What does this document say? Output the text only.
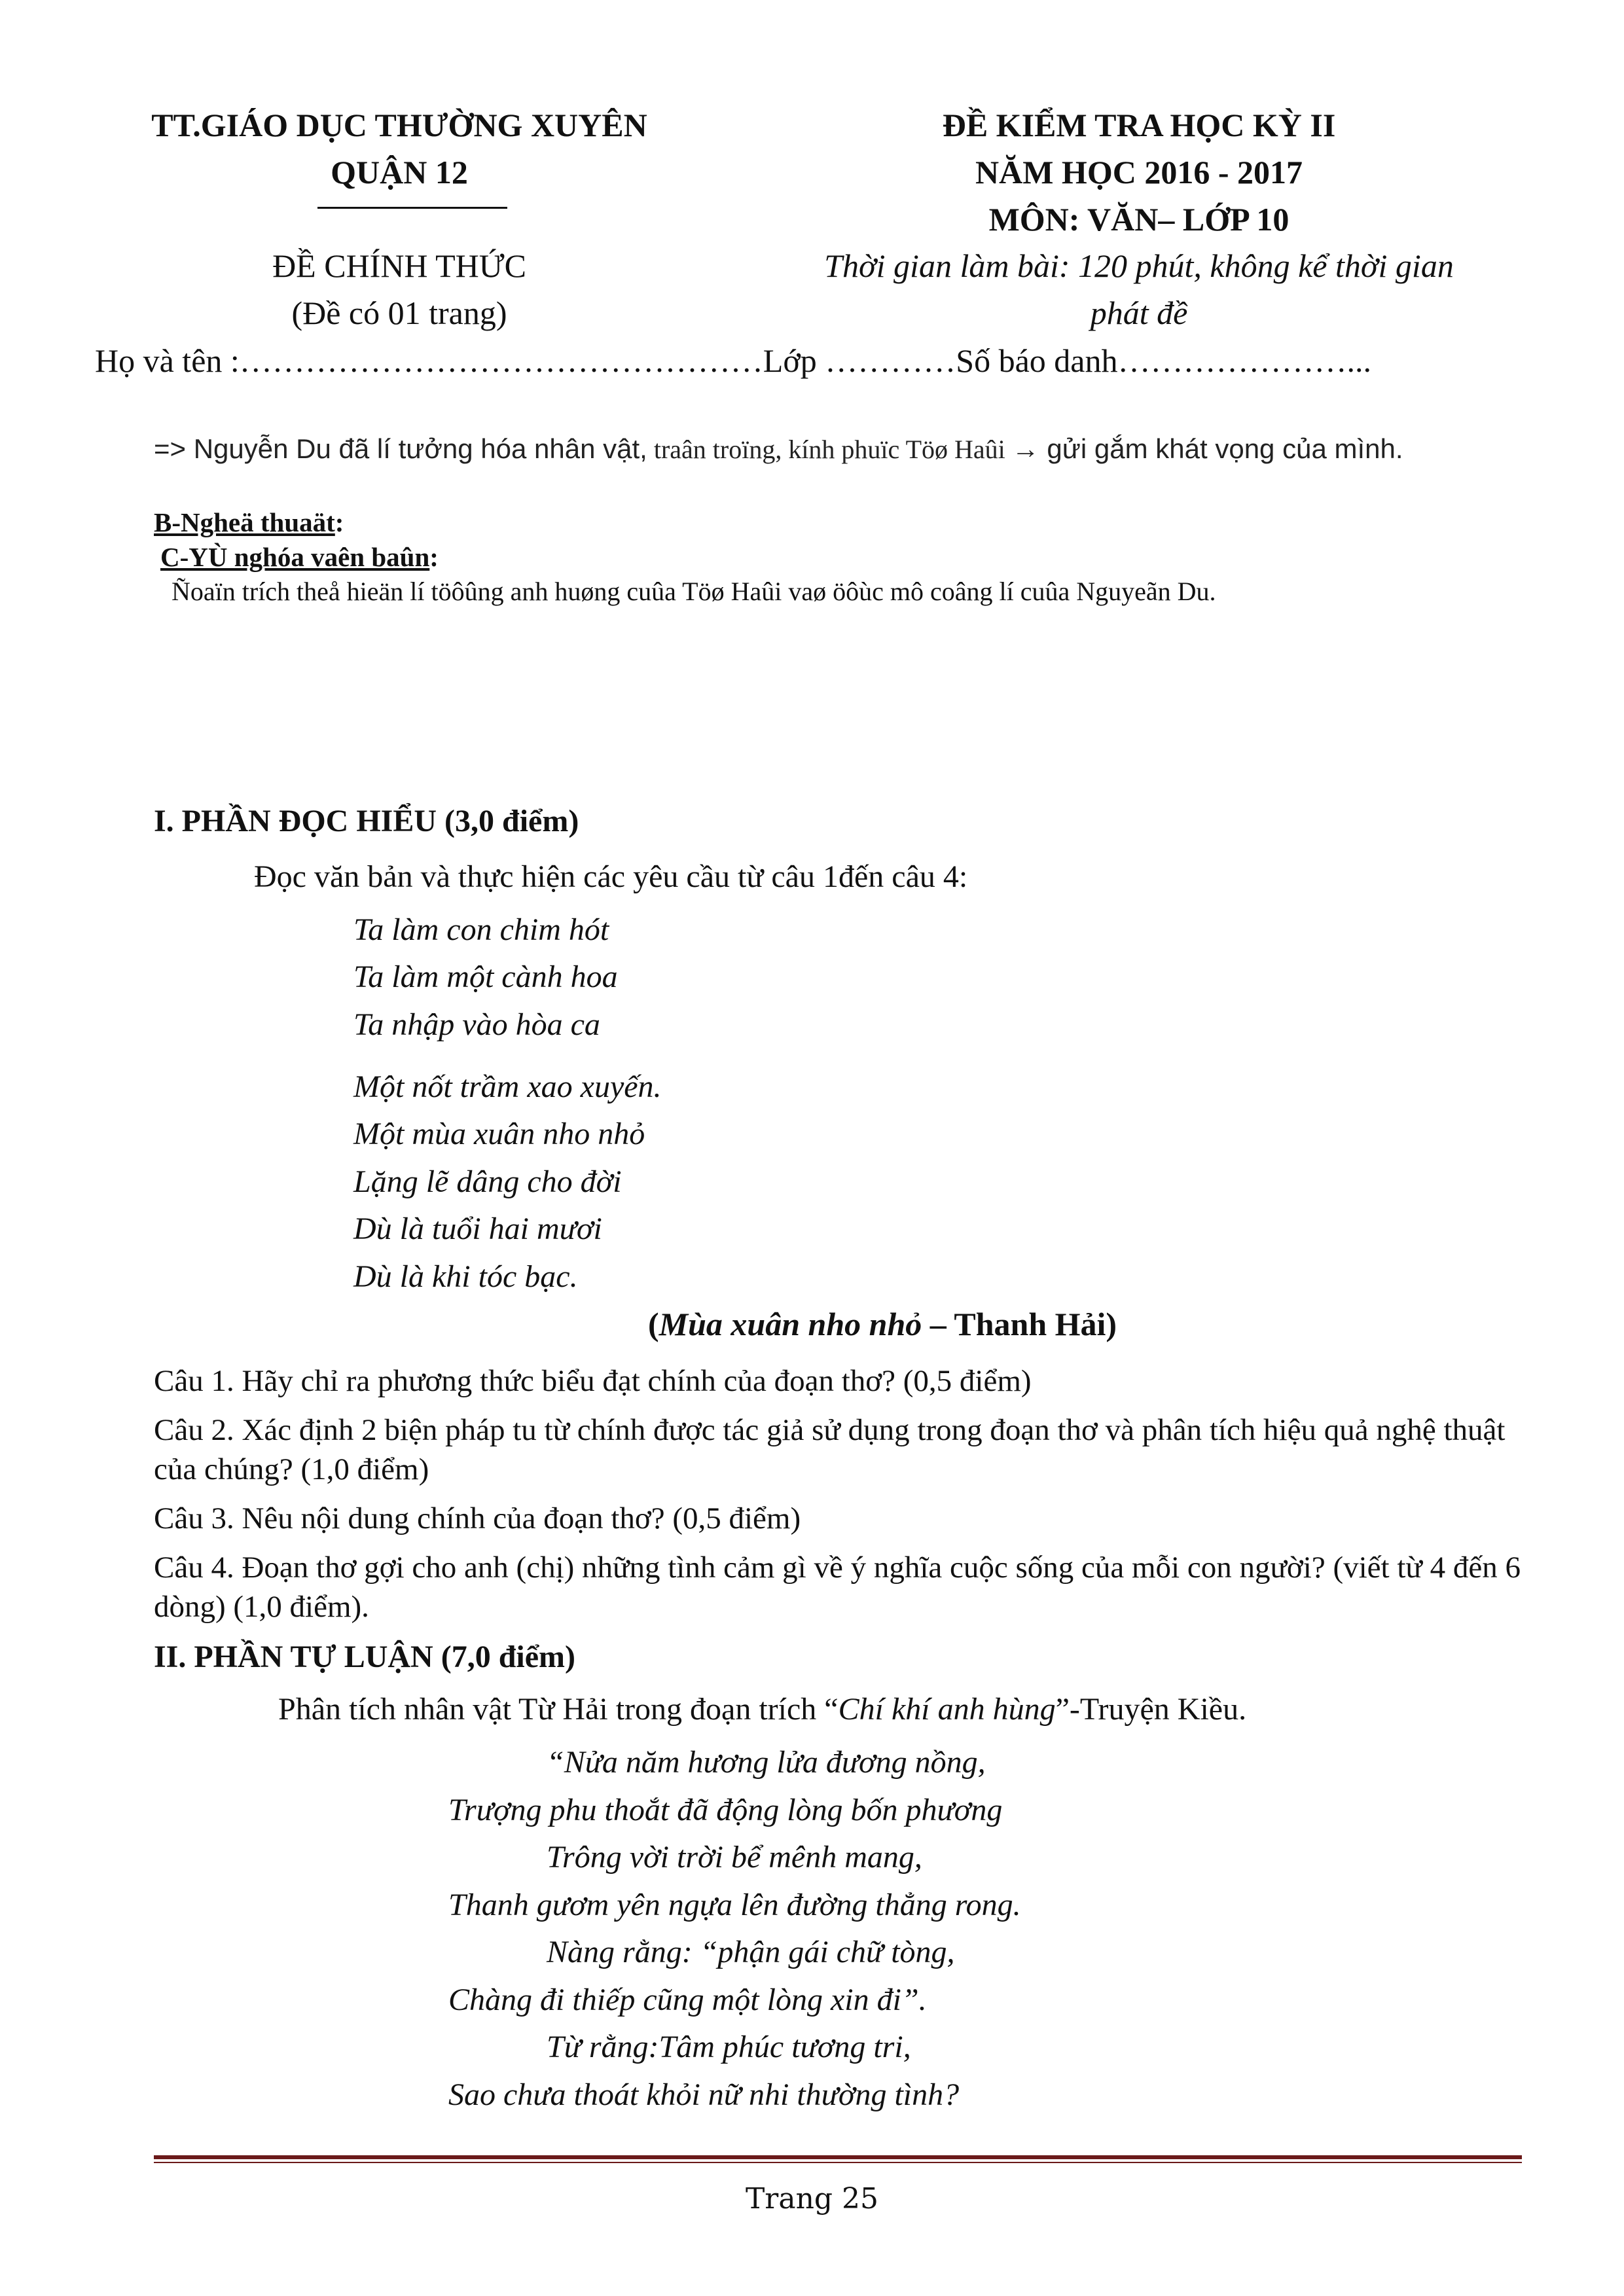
TT.GIÁO DỤC THƯỜNG XUYÊN
QUẬN 12
ĐỀ CHÍNH THỨC
(Đề có 01 trang)
ĐỀ KIỂM TRA HỌC KỲ II
NĂM HỌC 2016 - 2017
MÔN: VĂN– LỚP 10
Thời gian làm bài: 120 phút, không kể thời gian
phát đề
Họ và tên :…………………………………………Lớp …………Số báo danh…………………...
=> Nguyễn Du đã lí tưởng hóa nhân vật, traân troïng, kính phuïc Töø Haûi → gửi gắm khát vọng của mình.
B-Ngheä thuaät:
C-YÙ nghóa vaên baûn:
Ñoaïn trích theå hieän lí töôûng anh huøng cuûa Töø Haûi vaø öôùc mô coâng lí cuûa Nguyeãn Du.
I. PHẦN ĐỌC HIỂU (3,0 điểm)
Đọc văn bản và thực hiện các yêu cầu từ câu 1đến câu 4:
Ta làm con chim hót
Ta làm một cành hoa
Ta nhập vào hòa ca
Một nốt trầm xao xuyến.
Một mùa xuân nho nhỏ
Lặng lẽ dâng cho đời
Dù là tuổi hai mươi
Dù là khi tóc bạc.
(Mùa xuân nho nhỏ – Thanh Hải)
Câu 1. Hãy chỉ ra phương thức biểu đạt chính của đoạn thơ? (0,5 điểm)
Câu 2. Xác định 2 biện pháp tu từ chính được tác giả sử dụng trong đoạn thơ và phân tích hiệu quả nghệ thuật của chúng? (1,0 điểm)
Câu 3. Nêu nội dung chính của đoạn thơ? (0,5 điểm)
Câu 4. Đoạn thơ gợi cho anh (chị) những tình cảm gì về ý nghĩa cuộc sống của mỗi con người? (viết từ 4 đến 6 dòng) (1,0 điểm).
II. PHẦN TỰ LUẬN (7,0 điểm)
Phân tích nhân vật Từ Hải trong đoạn trích “Chí khí anh hùng”-Truyện Kiều.
“Nửa năm hương lửa đương nồng,
Trượng phu thoắt đã động lòng bốn phương
Trông vời trời bể mênh mang,
Thanh gươm yên ngựa lên đường thẳng rong.
Nàng rằng: “phận gái chữ tòng,
Chàng đi thiếp cũng một lòng xin đi”.
Từ rằng:Tâm phúc tương tri,
Sao chưa thoát khỏi nữ nhi thường tình?
Trang 25
